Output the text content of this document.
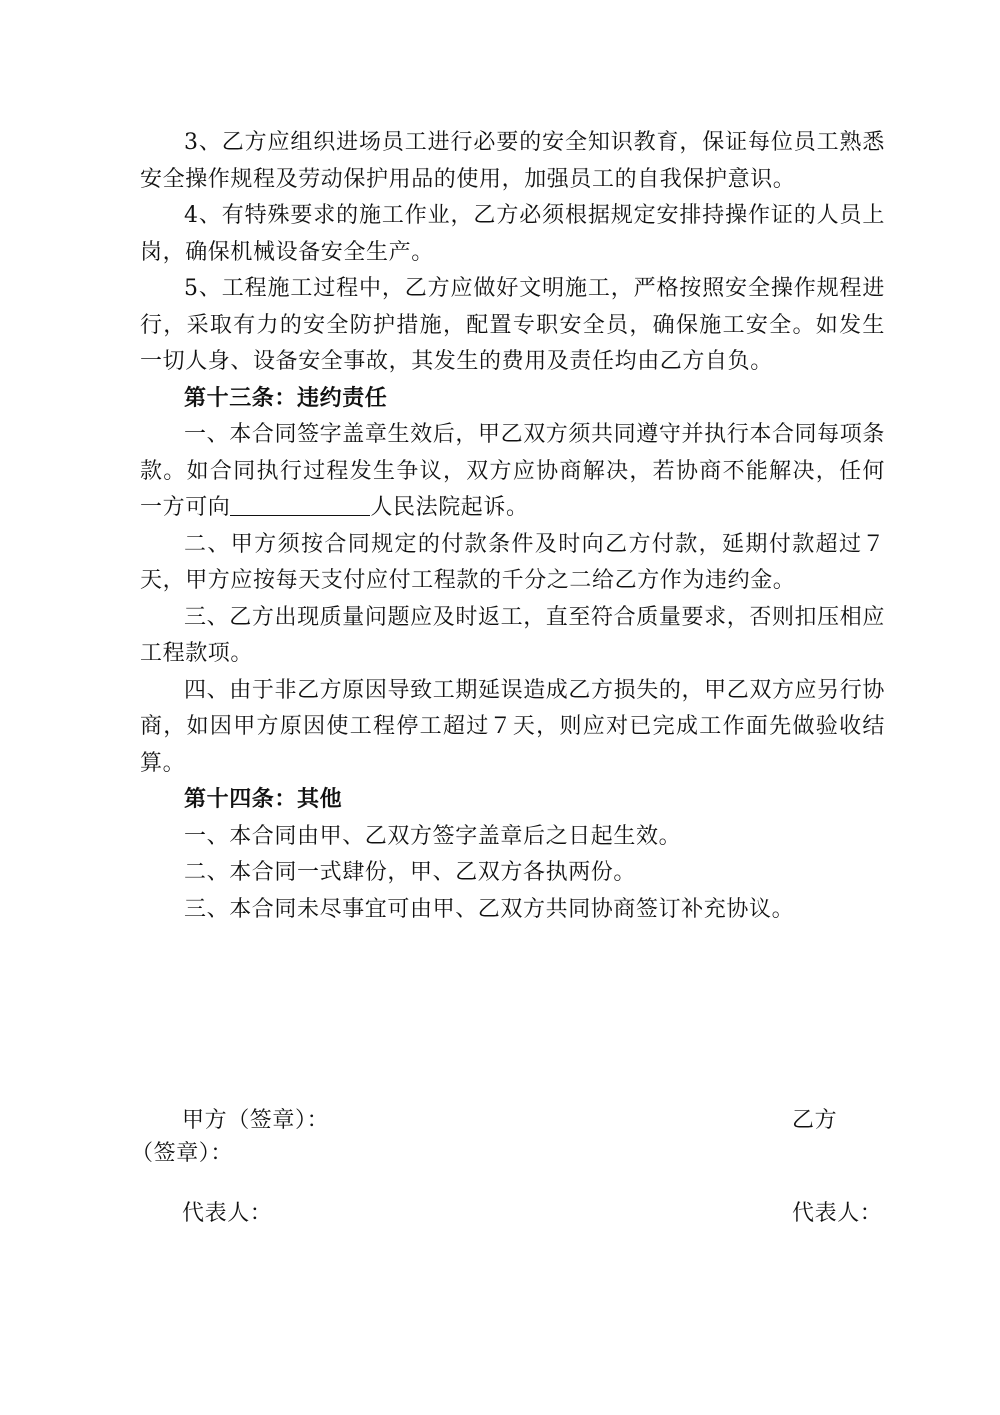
3、乙方应组织进场员工进行必要的安全知识教育，保证每位员工熟悉安全操作规程及劳动保护用品的使用，加强员工的自我保护意识。

4、有特殊要求的施工作业，乙方必须根据规定安排持操作证的人员上岗，确保机械设备安全生产。

5、工程施工过程中，乙方应做好文明施工，严格按照安全操作规程进行，采取有力的安全防护措施，配置专职安全员，确保施工安全。如发生一切人身、设备安全事故，其发生的费用及责任均由乙方自负。

第十三条：违约责任

一、本合同签字盖章生效后，甲乙双方须共同遵守并执行本合同每项条款。如合同执行过程发生争议，双方应协商解决，若协商不能解决，任何一方可向	人民法院起诉。

二、甲方须按合同规定的付款条件及时向乙方付款，延期付款超过７天，甲方应按每天支付应付工程款的千分之二给乙方作为违约金。

三、乙方出现质量问题应及时返工，直至符合质量要求，否则扣压相应工程款项。

四、由于非乙方原因导致工期延误造成乙方损失的，甲乙双方应另行协商，如因甲方原因使工程停工超过７天，则应对已完成工作面先做验收结算。

第十四条：其他

一、本合同由甲、乙双方签字盖章后之日起生效。

二、本合同一式肆份，甲、乙双方各执两份。

三、本合同未尽事宜可由甲、乙双方共同协商签订补充协议。

甲方（签章）：	乙方
（签章）：
代表人：	代表人：
